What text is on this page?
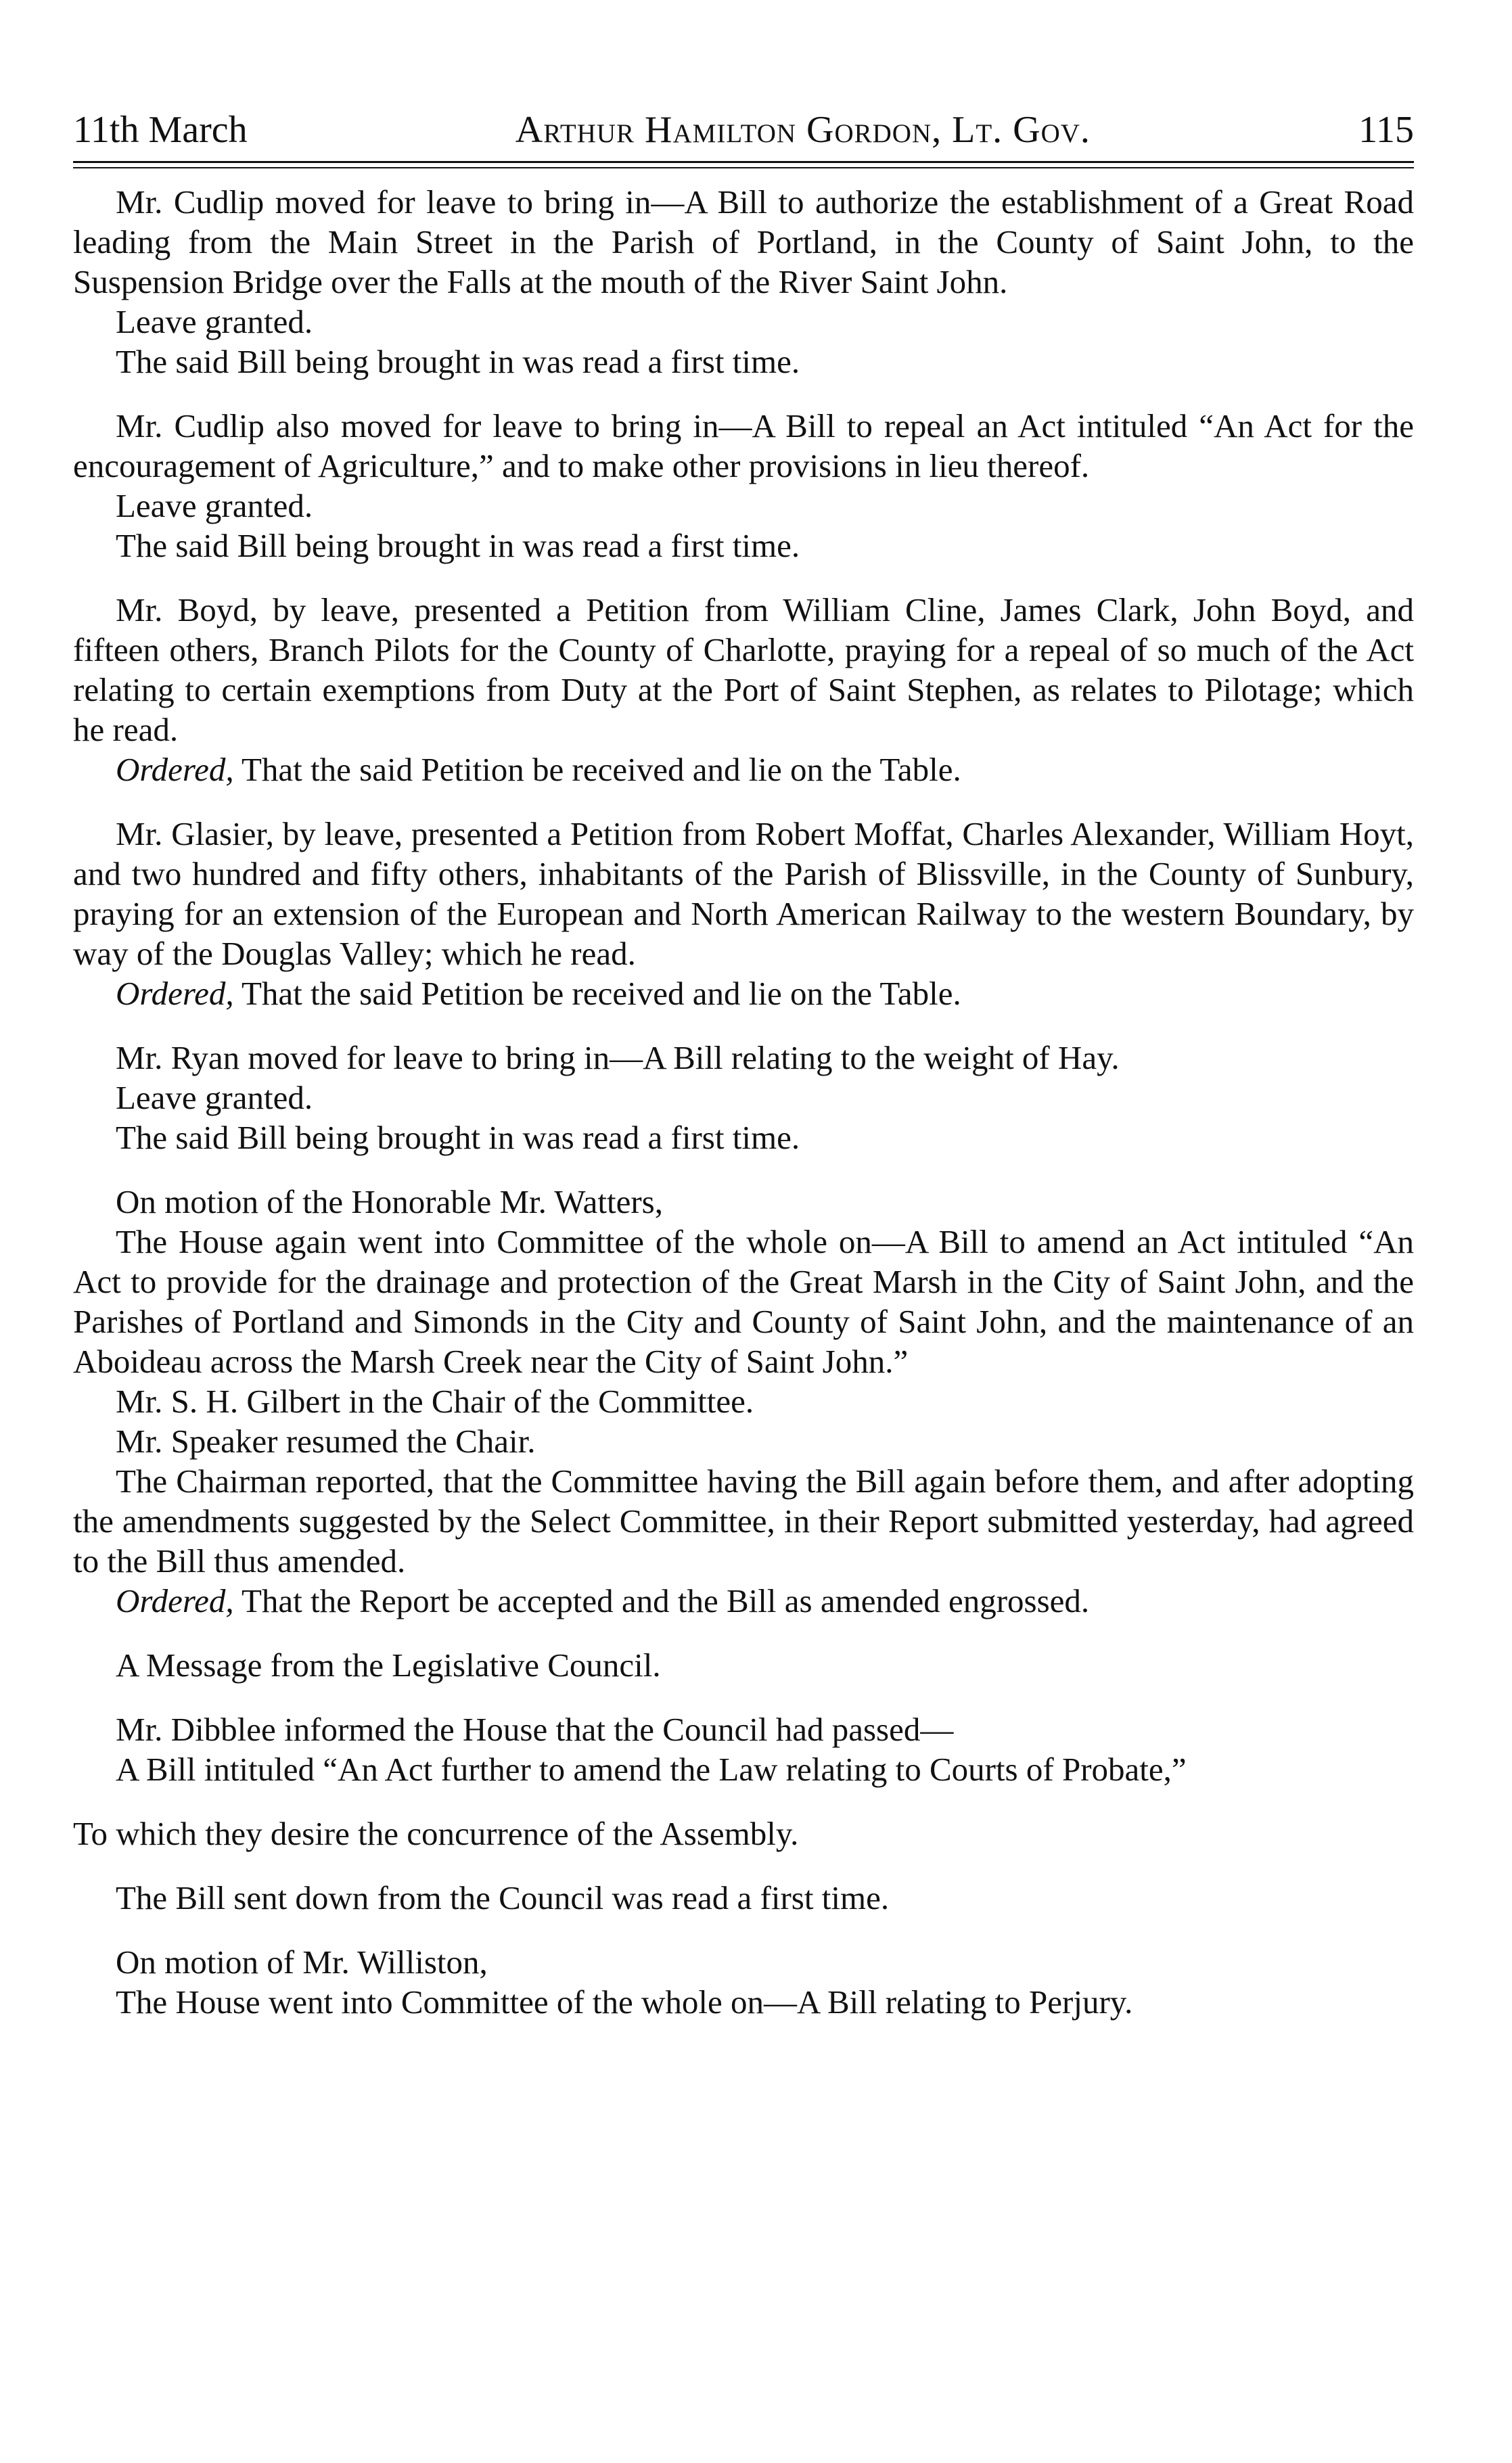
11th March	Arthur Hamilton Gordon, Lt. Gov.	115

Mr. Cudlip moved for leave to bring in—A Bill to authorize the establishment of a Great Road leading from the Main Street in the Parish of Portland, in the County of Saint John, to the Suspension Bridge over the Falls at the mouth of the River Saint John.

Leave granted.

The said Bill being brought in was read a first time.

Mr. Cudlip also moved for leave to bring in—A Bill to repeal an Act intituled “An Act for the encouragement of Agriculture,” and to make other provisions in lieu thereof.

Leave granted.

The said Bill being brought in was read a first time.

Mr. Boyd, by leave, presented a Petition from William Cline, James Clark, John Boyd, and fifteen others, Branch Pilots for the County of Charlotte, praying for a repeal of so much of the Act relating to certain exemptions from Duty at the Port of Saint Stephen, as relates to Pilotage; which he read.

Ordered, That the said Petition be received and lie on the Table.

Mr. Glasier, by leave, presented a Petition from Robert Moffat, Charles Alexander, William Hoyt, and two hundred and fifty others, inhabitants of the Parish of Blissville, in the County of Sunbury, praying for an extension of the European and North American Railway to the western Boundary, by way of the Douglas Valley; which he read.

Ordered, That the said Petition be received and lie on the Table.

Mr. Ryan moved for leave to bring in—A Bill relating to the weight of Hay.

Leave granted.

The said Bill being brought in was read a first time.

On motion of the Honorable Mr. Watters,

The House again went into Committee of the whole on—A Bill to amend an Act intituled “An Act to provide for the drainage and protection of the Great Marsh in the City of Saint John, and the Parishes of Portland and Simonds in the City and County of Saint John, and the maintenance of an Aboideau across the Marsh Creek near the City of Saint John.”

Mr. S. H. Gilbert in the Chair of the Committee.

Mr. Speaker resumed the Chair.

The Chairman reported, that the Committee having the Bill again before them, and after adopting the amendments suggested by the Select Committee, in their Report submitted yesterday, had agreed to the Bill thus amended.

Ordered, That the Report be accepted and the Bill as amended engrossed.

A Message from the Legislative Council.

Mr. Dibblee informed the House that the Council had passed—

A Bill intituled “An Act further to amend the Law relating to Courts of Probate,”

To which they desire the concurrence of the Assembly.

The Bill sent down from the Council was read a first time.

On motion of Mr. Williston,

The House went into Committee of the whole on—A Bill relating to Perjury.
